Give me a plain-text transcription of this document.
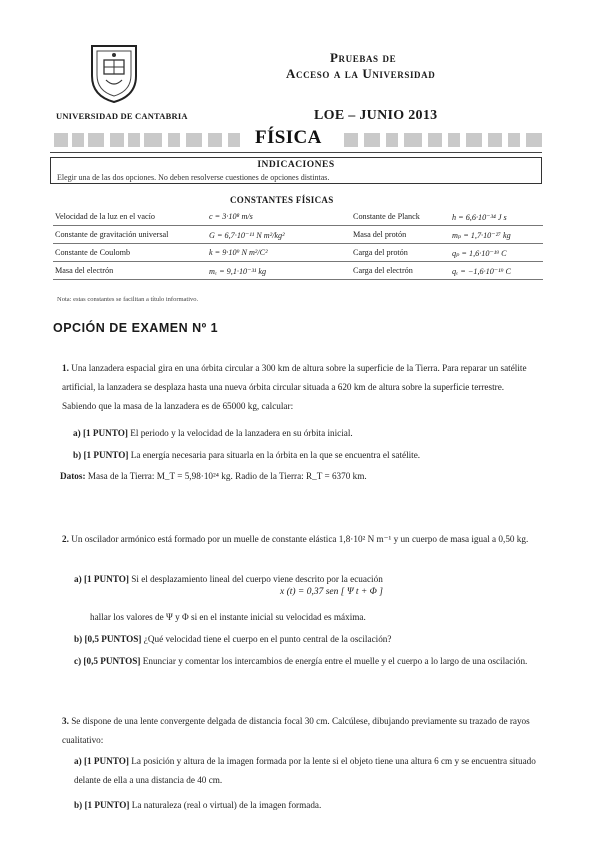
UNIVERSIDAD DE CANTABRIA
Pruebas de
Acceso a la Universidad
LOE – JUNIO 2013
FÍSICA
INDICACIONES
Elegir una de las dos opciones. No deben resolverse cuestiones de opciones distintas.
CONSTANTES FÍSICAS
Velocidad de la luz en el vacío	c = 3·10⁸ m/s	Constante de Planck	h = 6,6·10⁻³⁴ J s
Constante de gravitación universal	G = 6,7·10⁻¹¹ N m²/kg²	Masa del protón	mₚ = 1,7·10⁻²⁷ kg
Constante de Coulomb	k = 9·10⁹ N m²/C²	Carga del protón	qₚ = 1,6·10⁻¹⁹ C
Masa del electrón	mₑ = 9,1·10⁻³¹ kg	Carga del electrón	qₑ = −1,6·10⁻¹⁹ C
Nota: estas constantes se facilitan a título informativo.
OPCIÓN DE EXAMEN Nº 1

1. Una lanzadera espacial gira en una órbita circular a 300 km de altura sobre la superficie de la Tierra. Para reparar un satélite artificial, la lanzadera se desplaza hasta una nueva órbita circular situada a 620 km de altura sobre la superficie terrestre. Sabiendo que la masa de la lanzadera es de 65000 kg, calcular:

a) [1 PUNTO] El periodo y la velocidad de la lanzadera en su órbita inicial.

b) [1 PUNTO] La energía necesaria para situarla en la órbita en la que se encuentra el satélite.

Datos: Masa de la Tierra: M_T = 5,98·10²⁴ kg. Radio de la Tierra: R_T = 6370 km.

2. Un oscilador armónico está formado por un muelle de constante elástica 1,8·10² N m⁻¹ y un cuerpo de masa igual a 0,50 kg.

a) [1 PUNTO] Si el desplazamiento lineal del cuerpo viene descrito por la ecuación

x (t) = 0,37 sen [ Ψ t + Φ ]

hallar los valores de Ψ y Φ si en el instante inicial su velocidad es máxima.

b) [0,5 PUNTOS] ¿Qué velocidad tiene el cuerpo en el punto central de la oscilación?

c) [0,5 PUNTOS] Enunciar y comentar los intercambios de energía entre el muelle y el cuerpo a lo largo de una oscilación.

3. Se dispone de una lente convergente delgada de distancia focal 30 cm. Calcúlese, dibujando previamente su trazado de rayos cualitativo:

a) [1 PUNTO] La posición y altura de la imagen formada por la lente si el objeto tiene una altura 6 cm y se encuentra situado delante de ella a una distancia de 40 cm.

b) [1 PUNTO] La naturaleza (real o virtual) de la imagen formada.
